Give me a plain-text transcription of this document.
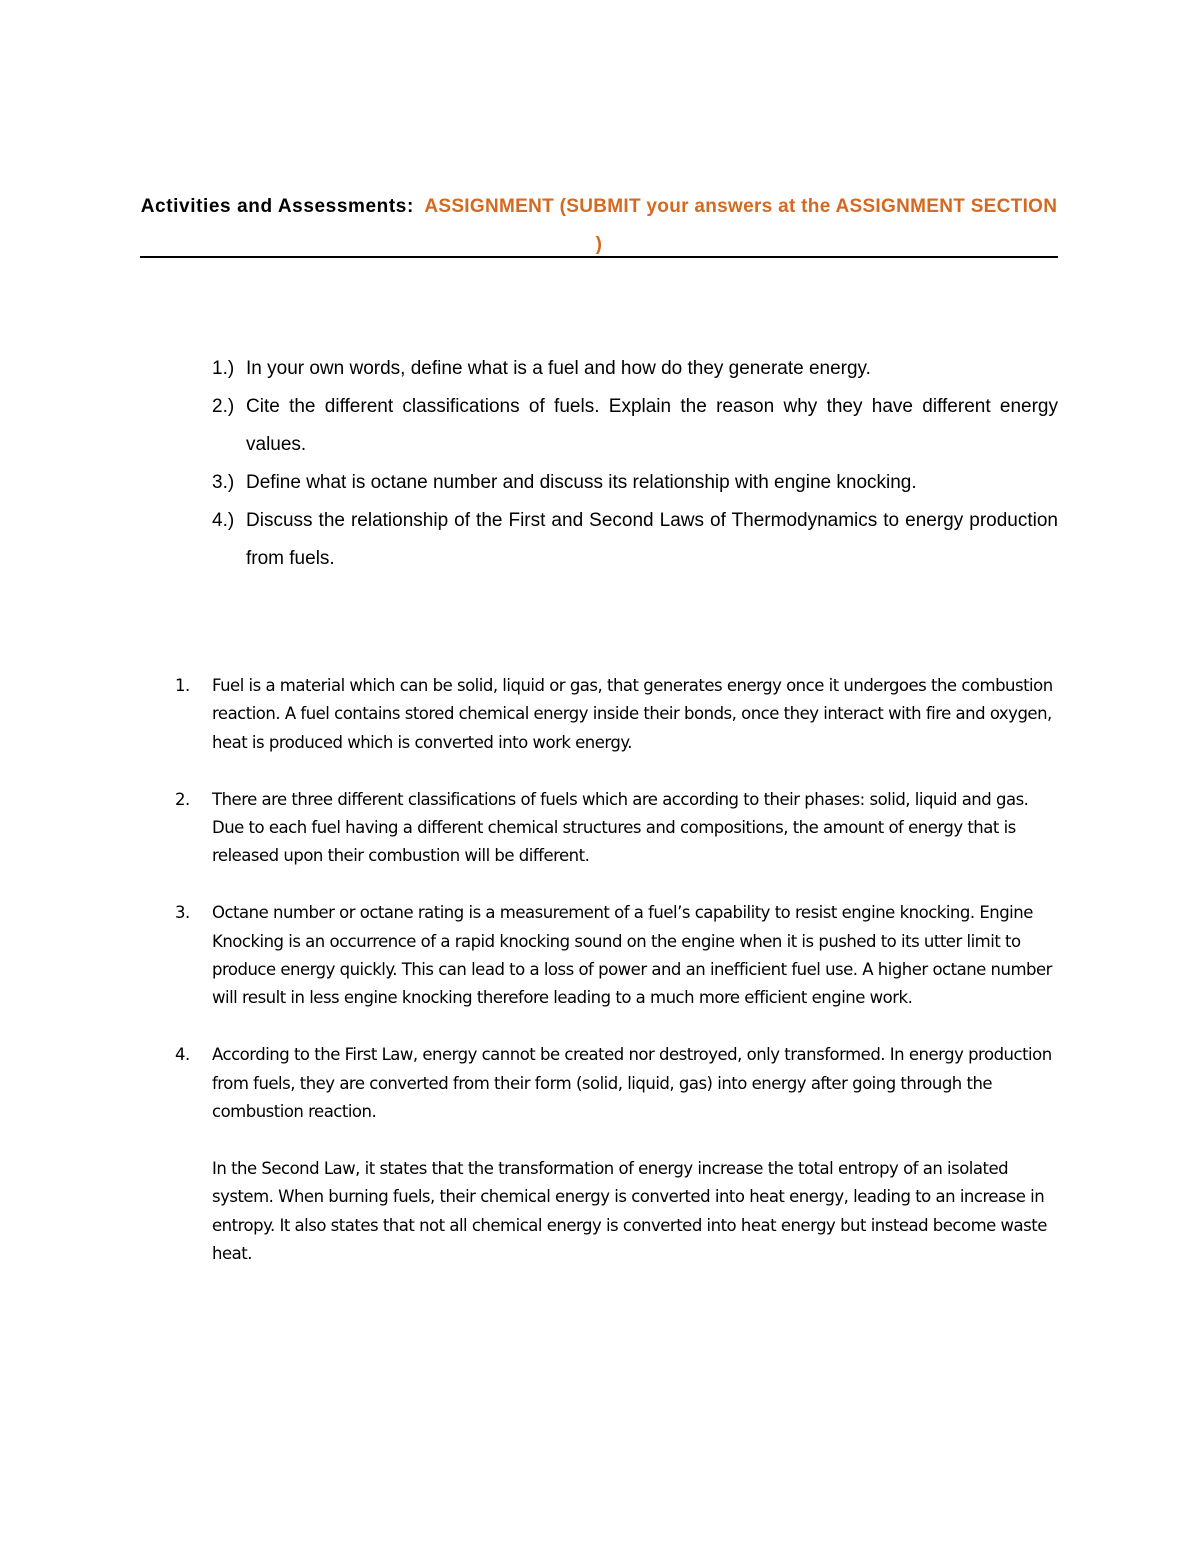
Activities and Assessments: ASSIGNMENT (SUBMIT your answers at the ASSIGNMENT SECTION )
1.) In your own words, define what is a fuel and how do they generate energy.
2.) Cite the different classifications of fuels. Explain the reason why they have different energy values.
3.) Define what is octane number and discuss its relationship with engine knocking.
4.) Discuss the relationship of the First and Second Laws of Thermodynamics to energy production from fuels.
1. Fuel is a material which can be solid, liquid or gas, that generates energy once it undergoes the combustion reaction. A fuel contains stored chemical energy inside their bonds, once they interact with fire and oxygen, heat is produced which is converted into work energy.

2. There are three different classifications of fuels which are according to their phases: solid, liquid and gas. Due to each fuel having a different chemical structures and compositions, the amount of energy that is released upon their combustion will be different.

3. Octane number or octane rating is a measurement of a fuel’s capability to resist engine knocking. Engine Knocking is an occurrence of a rapid knocking sound on the engine when it is pushed to its utter limit to produce energy quickly. This can lead to a loss of power and an inefficient fuel use. A higher octane number will result in less engine knocking therefore leading to a much more efficient engine work.

4. According to the First Law, energy cannot be created nor destroyed, only transformed. In energy production from fuels, they are converted from their form (solid, liquid, gas) into energy after going through the combustion reaction.

In the Second Law, it states that the transformation of energy increase the total entropy of an isolated system. When burning fuels, their chemical energy is converted into heat energy, leading to an increase in entropy. It also states that not all chemical energy is converted into heat energy but instead become waste heat.
